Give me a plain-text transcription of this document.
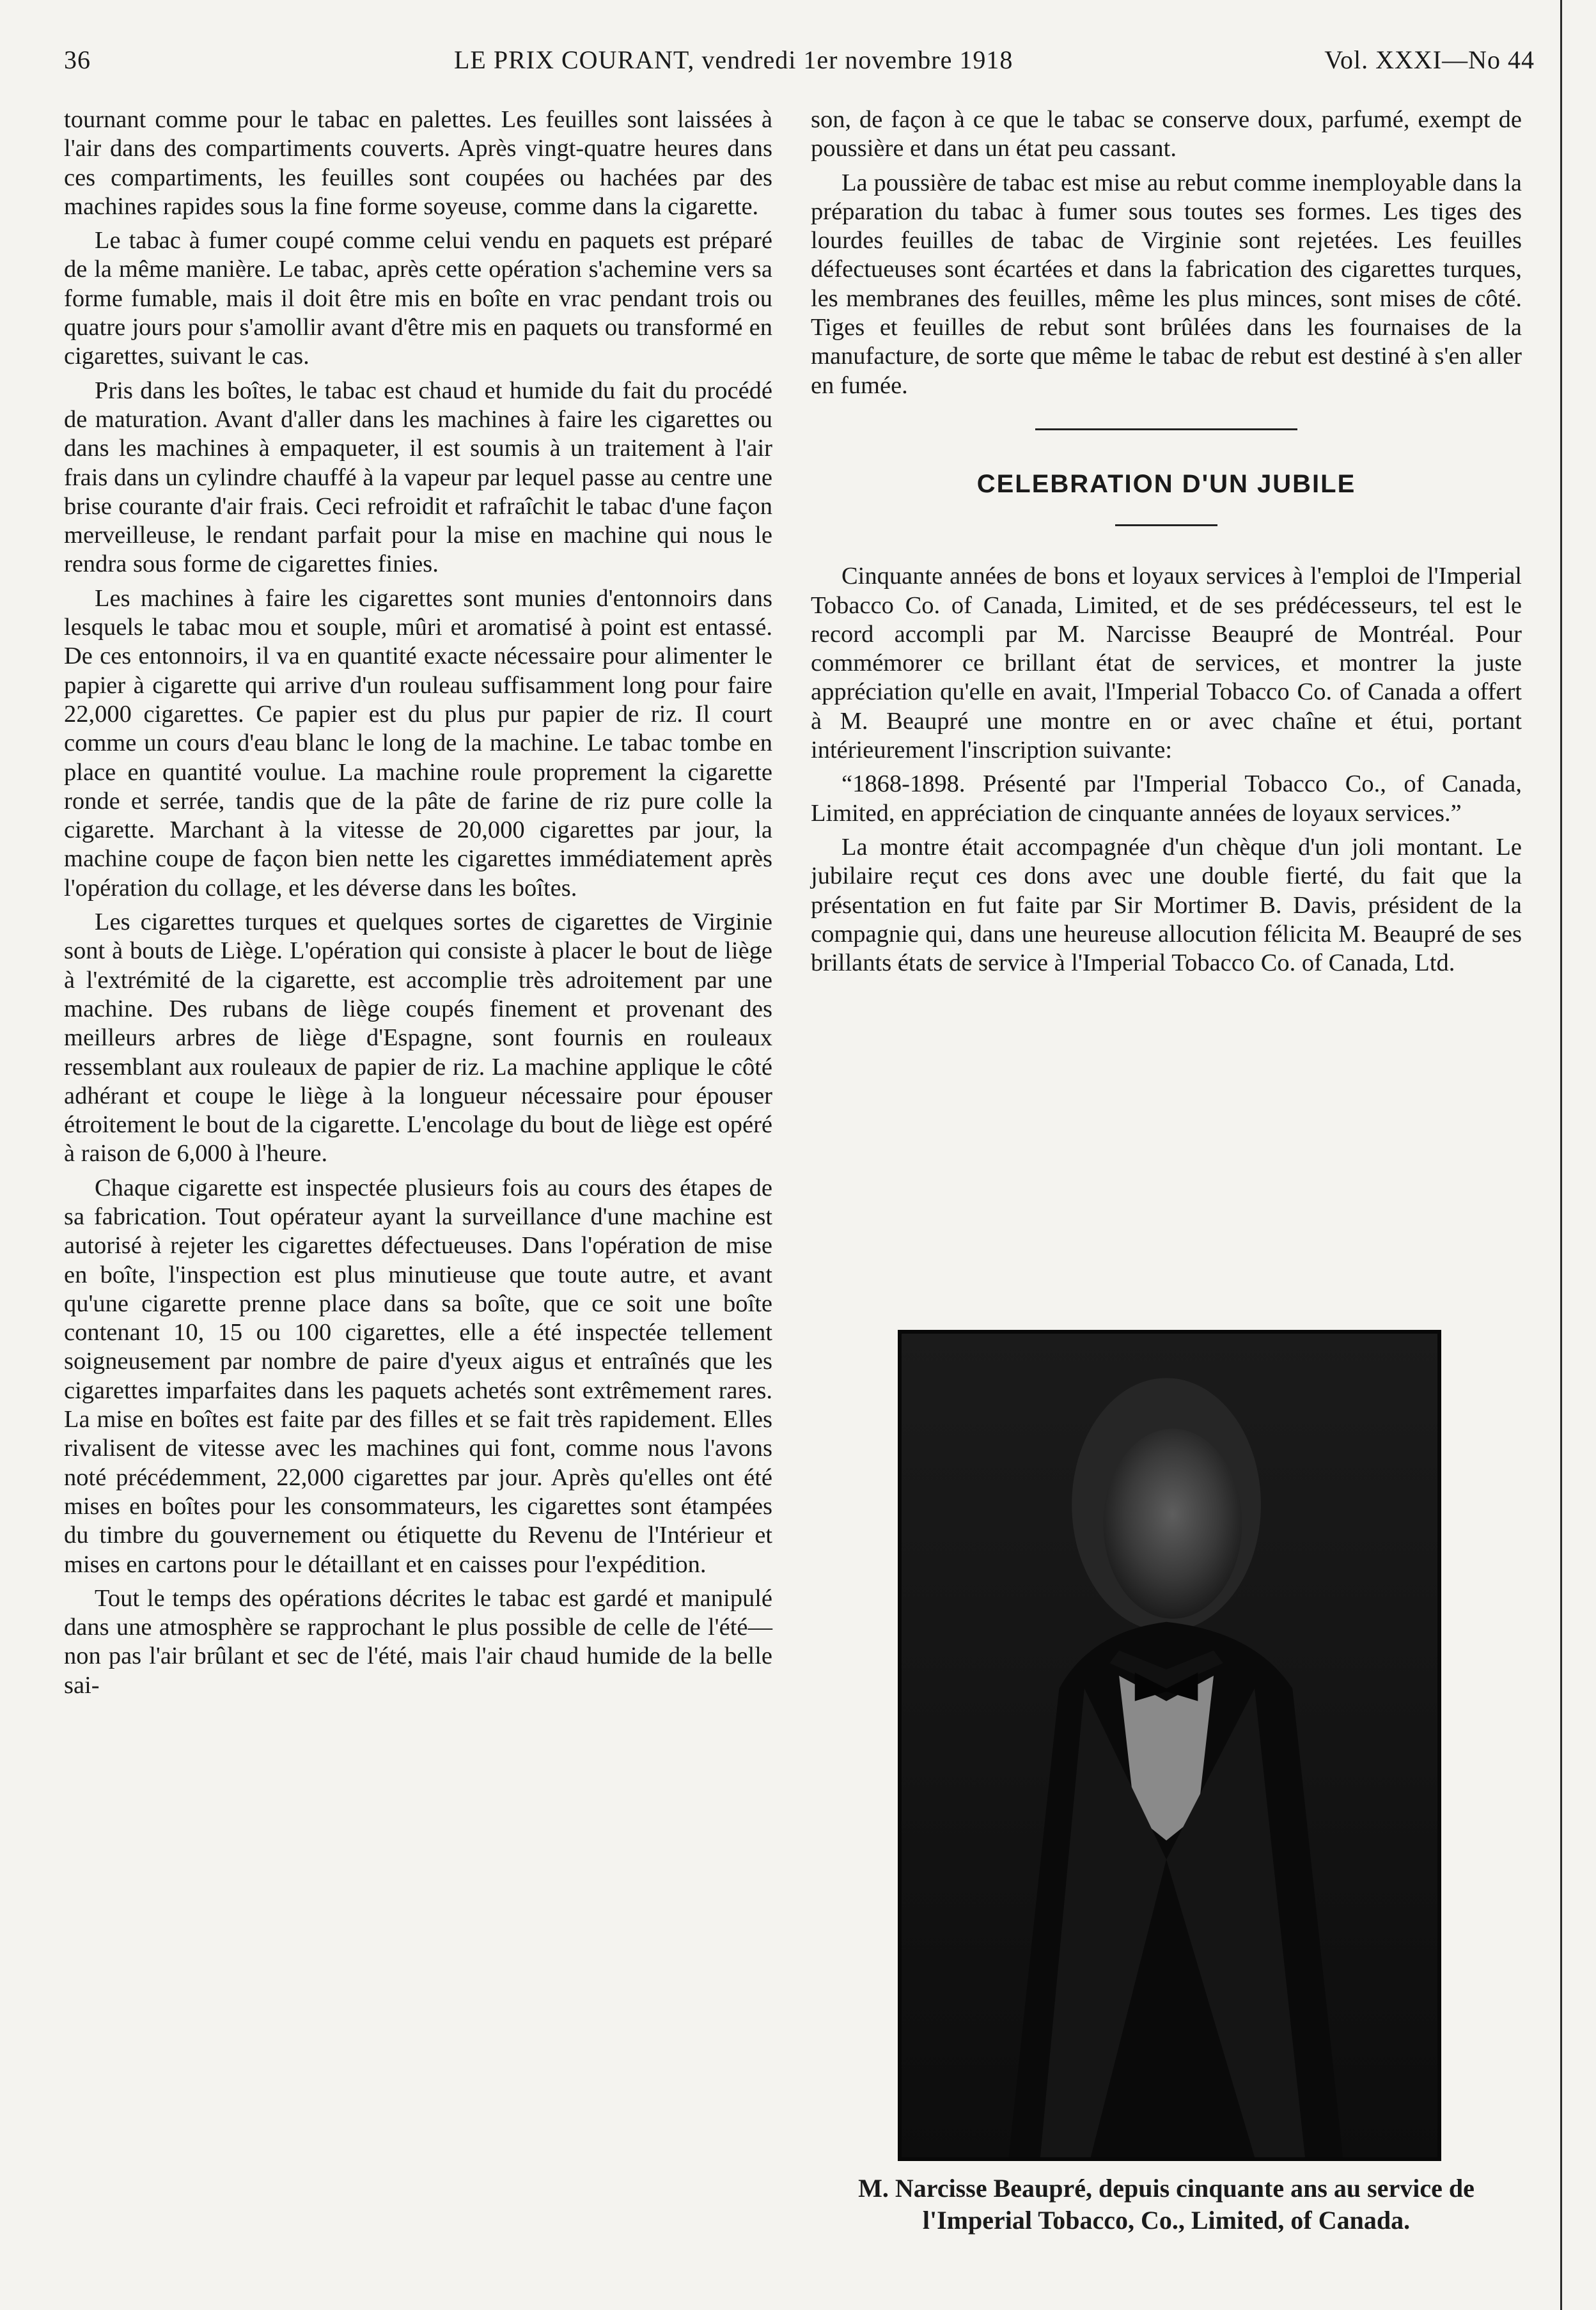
36	LE PRIX COURANT, vendredi 1er novembre 1918	Vol. XXXI—No 44

tournant comme pour le tabac en palettes. Les feuilles sont laissées à l'air dans des compartiments couverts. Après vingt-quatre heures dans ces compartiments, les feuilles sont coupées ou hachées par des machines rapides sous la fine forme soyeuse, comme dans la cigarette.

Le tabac à fumer coupé comme celui vendu en paquets est préparé de la même manière. Le tabac, après cette opération s'achemine vers sa forme fumable, mais il doit être mis en boîte en vrac pendant trois ou quatre jours pour s'amollir avant d'être mis en paquets ou transformé en cigarettes, suivant le cas.

Pris dans les boîtes, le tabac est chaud et humide du fait du procédé de maturation. Avant d'aller dans les machines à faire les cigarettes ou dans les machines à empaqueter, il est soumis à un traitement à l'air frais dans un cylindre chauffé à la vapeur par lequel passe au centre une brise courante d'air frais. Ceci refroidit et rafraîchit le tabac d'une façon merveilleuse, le rendant parfait pour la mise en machine qui nous le rendra sous forme de cigarettes finies.

Les machines à faire les cigarettes sont munies d'entonnoirs dans lesquels le tabac mou et souple, mûri et aromatisé à point est entassé. De ces entonnoirs, il va en quantité exacte nécessaire pour alimenter le papier à cigarette qui arrive d'un rouleau suffisamment long pour faire 22,000 cigarettes. Ce papier est du plus pur papier de riz. Il court comme un cours d'eau blanc le long de la machine. Le tabac tombe en place en quantité voulue. La machine roule proprement la cigarette ronde et serrée, tandis que de la pâte de farine de riz pure colle la cigarette. Marchant à la vitesse de 20,000 cigarettes par jour, la machine coupe de façon bien nette les cigarettes immédiatement après l'opération du collage, et les déverse dans les boîtes.

Les cigarettes turques et quelques sortes de cigarettes de Virginie sont à bouts de Liège. L'opération qui consiste à placer le bout de liège à l'extrémité de la cigarette, est accomplie très adroitement par une machine. Des rubans de liège coupés finement et provenant des meilleurs arbres de liège d'Espagne, sont fournis en rouleaux ressemblant aux rouleaux de papier de riz. La machine applique le côté adhérant et coupe le liège à la longueur nécessaire pour épouser étroitement le bout de la cigarette. L'encolage du bout de liège est opéré à raison de 6,000 à l'heure.

Chaque cigarette est inspectée plusieurs fois au cours des étapes de sa fabrication. Tout opérateur ayant la surveillance d'une machine est autorisé à rejeter les cigarettes défectueuses. Dans l'opération de mise en boîte, l'inspection est plus minutieuse que toute autre, et avant qu'une cigarette prenne place dans sa boîte, que ce soit une boîte contenant 10, 15 ou 100 cigarettes, elle a été inspectée tellement soigneusement par nombre de paire d'yeux aigus et entraînés que les cigarettes imparfaites dans les paquets achetés sont extrêmement rares. La mise en boîtes est faite par des filles et se fait très rapidement. Elles rivalisent de vitesse avec les machines qui font, comme nous l'avons noté précédemment, 22,000 cigarettes par jour. Après qu'elles ont été mises en boîtes pour les consommateurs, les cigarettes sont étampées du timbre du gouvernement ou étiquette du Revenu de l'Intérieur et mises en cartons pour le détaillant et en caisses pour l'expédition.

Tout le temps des opérations décrites le tabac est gardé et manipulé dans une atmosphère se rapprochant le plus possible de celle de l'été—non pas l'air brûlant et sec de l'été, mais l'air chaud humide de la belle sai-

son, de façon à ce que le tabac se conserve doux, parfumé, exempt de poussière et dans un état peu cassant.

La poussière de tabac est mise au rebut comme inemployable dans la préparation du tabac à fumer sous toutes ses formes. Les tiges des lourdes feuilles de tabac de Virginie sont rejetées. Les feuilles défectueuses sont écartées et dans la fabrication des cigarettes turques, les membranes des feuilles, même les plus minces, sont mises de côté. Tiges et feuilles de rebut sont brûlées dans les fournaises de la manufacture, de sorte que même le tabac de rebut est destiné à s'en aller en fumée.

CELEBRATION D'UN JUBILE

Cinquante années de bons et loyaux services à l'emploi de l'Imperial Tobacco Co. of Canada, Limited, et de ses prédécesseurs, tel est le record accompli par M. Narcisse Beaupré de Montréal. Pour commémorer ce brillant état de services, et montrer la juste appréciation qu'elle en avait, l'Imperial Tobacco Co. of Canada a offert à M. Beaupré une montre en or avec chaîne et étui, portant intérieurement l'inscription suivante:

“1868-1898. Présenté par l'Imperial Tobacco Co., of Canada, Limited, en appréciation de cinquante années de loyaux services.”

La montre était accompagnée d'un chèque d'un joli montant. Le jubilaire reçut ces dons avec une double fierté, du fait que la présentation en fut faite par Sir Mortimer B. Davis, président de la compagnie qui, dans une heureuse allocution félicita M. Beaupré de ses brillants états de service à l'Imperial Tobacco Co. of Canada, Ltd.

M. Narcisse Beaupré, depuis cinquante ans au service de l'Imperial Tobacco, Co., Limited, of Canada.
